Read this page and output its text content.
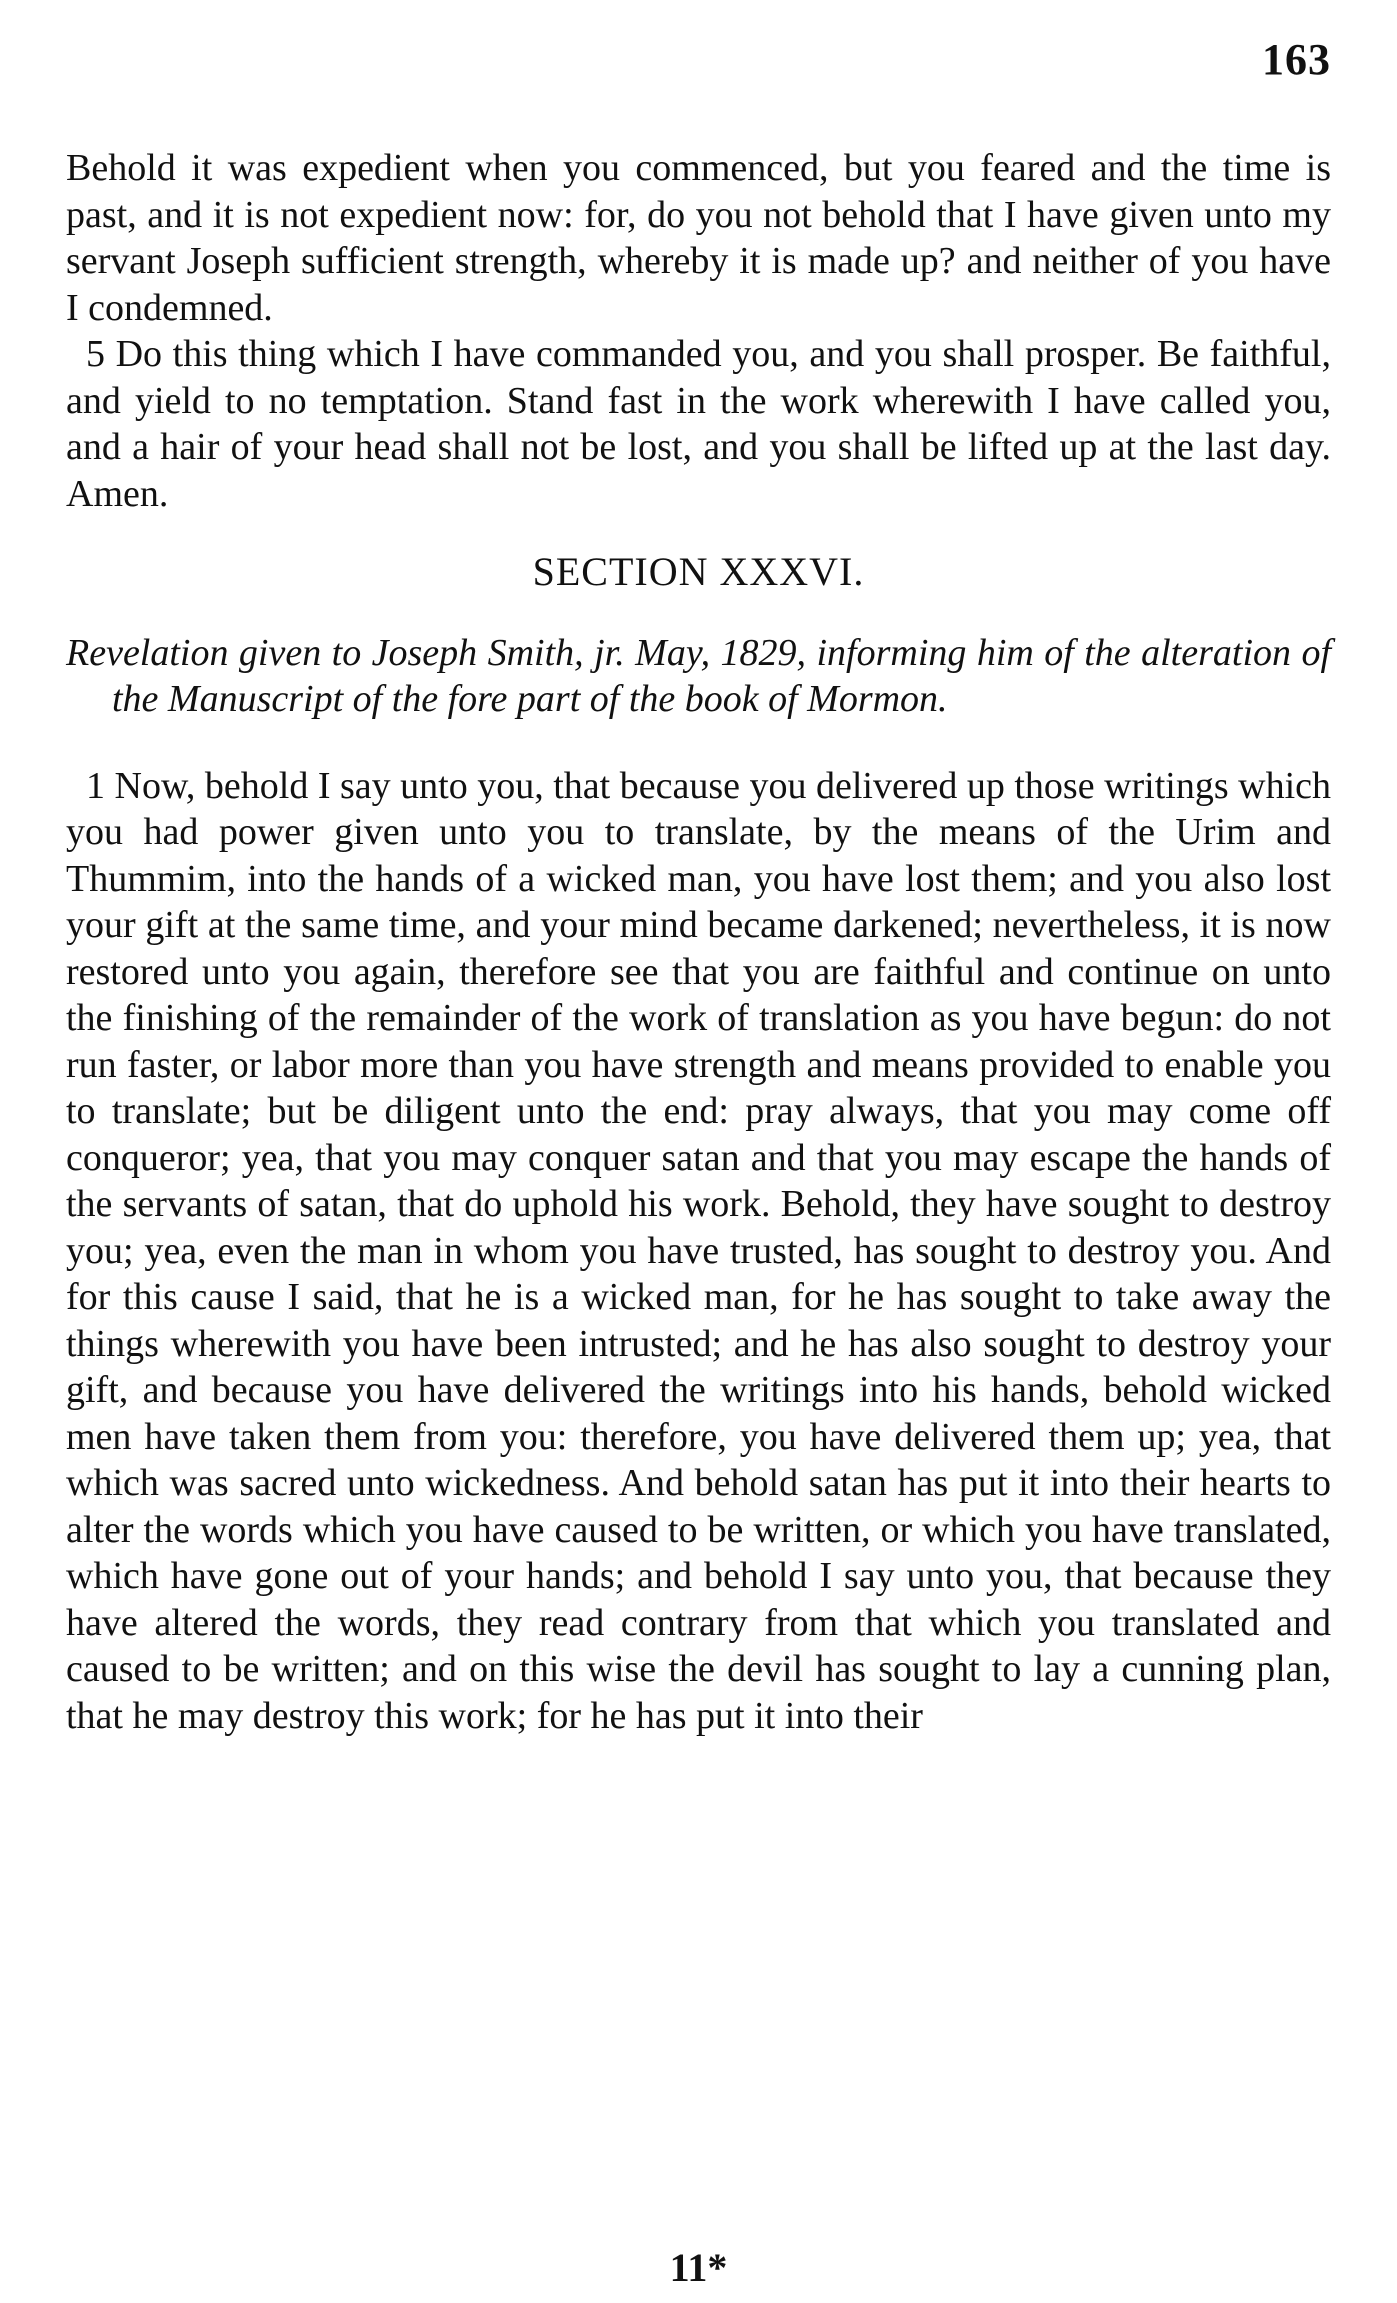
163

Behold it was expedient when you commenced, but you feared and the time is past, and it is not expedient now: for, do you not behold that I have given unto my servant Joseph sufficient strength, whereby it is made up? and neither of you have I condemned.

5 Do this thing which I have commanded you, and you shall prosper. Be faithful, and yield to no temptation. Stand fast in the work wherewith I have called you, and a hair of your head shall not be lost, and you shall be lifted up at the last day. Amen.

SECTION XXXVI.

Revelation given to Joseph Smith, jr. May, 1829, informing him of the alteration of the Manuscript of the fore part of the book of Mormon.

1 Now, behold I say unto you, that because you delivered up those writings which you had power given unto you to translate, by the means of the Urim and Thummim, into the hands of a wicked man, you have lost them; and you also lost your gift at the same time, and your mind became darkened; nevertheless, it is now restored unto you again, therefore see that you are faithful and continue on unto the finishing of the remainder of the work of translation as you have begun: do not run faster, or labor more than you have strength and means provided to enable you to translate; but be diligent unto the end: pray always, that you may come off conqueror; yea, that you may conquer satan and that you may escape the hands of the servants of satan, that do uphold his work. Behold, they have sought to destroy you; yea, even the man in whom you have trusted, has sought to destroy you. And for this cause I said, that he is a wicked man, for he has sought to take away the things wherewith you have been intrusted; and he has also sought to destroy your gift, and because you have delivered the writings into his hands, behold wicked men have taken them from you: therefore, you have delivered them up; yea, that which was sacred unto wickedness. And behold satan has put it into their hearts to alter the words which you have caused to be written, or which you have translated, which have gone out of your hands; and behold I say unto you, that because they have altered the words, they read contrary from that which you translated and caused to be written; and on this wise the devil has sought to lay a cunning plan, that he may destroy this work; for he has put it into their

11*
